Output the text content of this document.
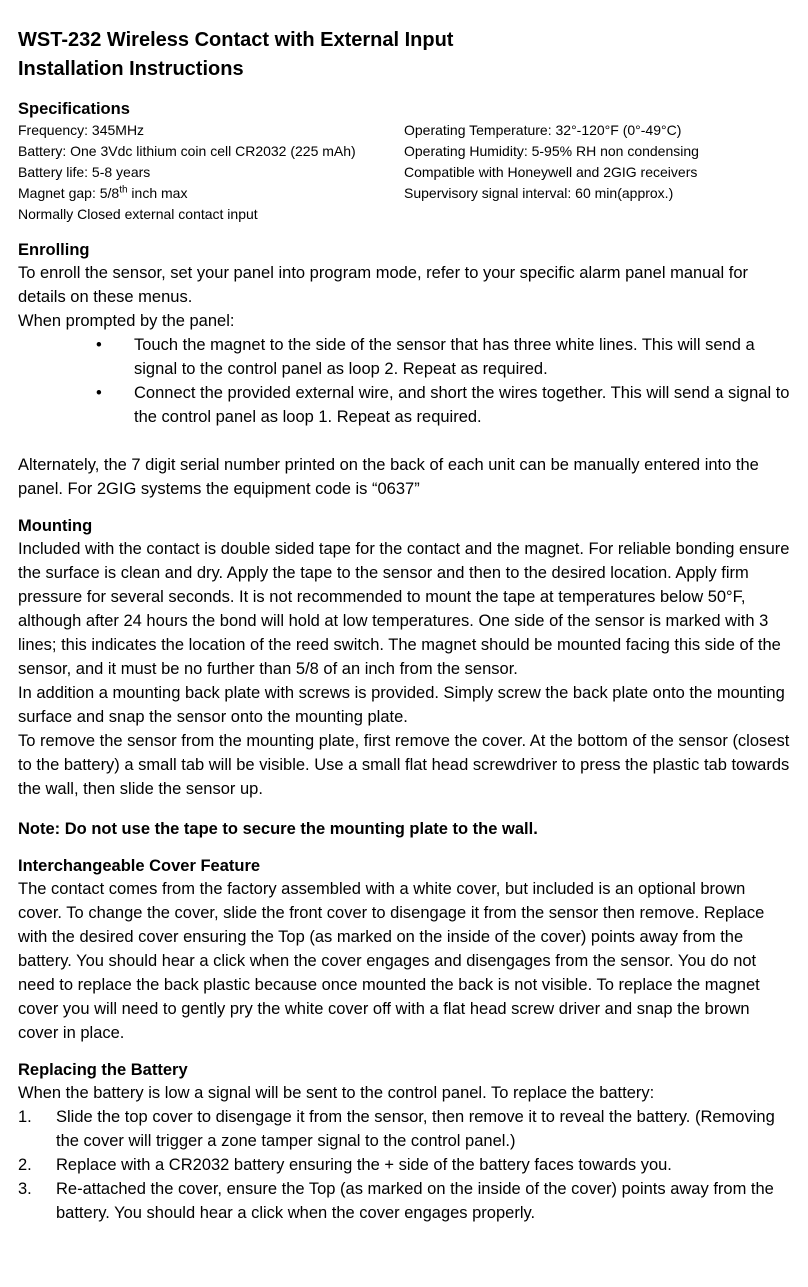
WST-232 Wireless Contact with External Input
Installation Instructions
Specifications
Frequency: 345MHz
Battery: One 3Vdc lithium coin cell CR2032 (225 mAh)
Battery life: 5-8 years
Magnet gap: 5/8th inch max
Normally Closed external contact input
Operating Temperature: 32°-120°F (0°-49°C)
Operating Humidity: 5-95% RH non condensing
Compatible with Honeywell and 2GIG receivers
Supervisory signal interval: 60 min(approx.)
Enrolling

To enroll the sensor, set your panel into program mode, refer to your specific alarm panel manual for details on these menus.

When prompted by the panel:

• Touch the magnet to the side of the sensor that has three white lines. This will send a signal to the control panel as loop 2. Repeat as required.
• Connect the provided external wire, and short the wires together. This will send a signal to the control panel as loop 1. Repeat as required.

Alternately, the 7 digit serial number printed on the back of each unit can be manually entered into the panel. For 2GIG systems the equipment code is “0637”

Mounting

Included with the contact is double sided tape for the contact and the magnet. For reliable bonding ensure the surface is clean and dry. Apply the tape to the sensor and then to the desired location. Apply firm pressure for several seconds. It is not recommended to mount the tape at temperatures below 50°F, although after 24 hours the bond will hold at low temperatures. One side of the sensor is marked with 3 lines; this indicates the location of the reed switch. The magnet should be mounted facing this side of the sensor, and it must be no further than 5/8 of an inch from the sensor.

In addition a mounting back plate with screws is provided. Simply screw the back plate onto the mounting surface and snap the sensor onto the mounting plate.

To remove the sensor from the mounting plate, first remove the cover. At the bottom of the sensor (closest to the battery) a small tab will be visible. Use a small flat head screwdriver to press the plastic tab towards the wall, then slide the sensor up.

Note: Do not use the tape to secure the mounting plate to the wall.
Interchangeable Cover Feature

The contact comes from the factory assembled with a white cover, but included is an optional brown cover. To change the cover, slide the front cover to disengage it from the sensor then remove. Replace with the desired cover ensuring the Top (as marked on the inside of the cover) points away from the battery. You should hear a click when the cover engages and disengages from the sensor. You do not need to replace the back plastic because once mounted the back is not visible. To replace the magnet cover you will need to gently pry the white cover off with a flat head screw driver and snap the brown cover in place.

Replacing the Battery

When the battery is low a signal will be sent to the control panel. To replace the battery:

1. Slide the top cover to disengage it from the sensor, then remove it to reveal the battery. (Removing the cover will trigger a zone tamper signal to the control panel.)
2. Replace with a CR2032 battery ensuring the + side of the battery faces towards you.
3. Re-attached the cover, ensure the Top (as marked on the inside of the cover) points away from the battery. You should hear a click when the cover engages properly.
